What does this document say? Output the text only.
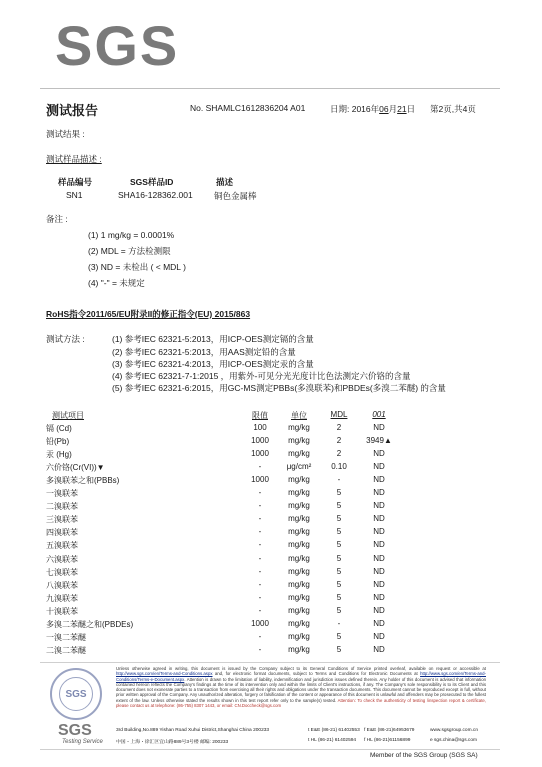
SGS
测试报告	No. SHAMLC1612836204 A01	日期: 2016年06月21日 第2页,共4页
测试结果 :
测试样品描述 :
样品编号	SGS样品ID	描述
SN1	SHA16-128362.001	铜色金属棒
备注 :
(1) 1 mg/kg = 0.0001%
(2) MDL = 方法检测限
(3) ND = 未检出 ( < MDL )
(4) "-" = 未规定
RoHS指令2011/65/EU附录II的修正指令(EU) 2015/863
测试方法 :	(1) 参考IEC 62321-5:2013，用ICP-OES测定镉的含量
(2) 参考IEC 62321-5:2013，用AAS测定铅的含量
(3) 参考IEC 62321-4:2013，用ICP-OES测定汞的含量
(4) 参考IEC 62321-7-1:2015 ，用紫外-可见分光光度计比色法测定六价铬的含量
(5) 参考IEC 62321-6:2015，用GC-MS测定PBBs(多溴联苯)和PBDEs(多溴二苯醚) 的含量
测试项目	限值	单位	MDL	001
镉 (Cd)	100	mg/kg	2	ND
铅(Pb)	1000	mg/kg	2	3949▲
汞 (Hg)	1000	mg/kg	2	ND
六价铬(Cr(VI))▼	-	μg/cm²	0.10	ND
多溴联苯之和(PBBs)	1000	mg/kg	-	ND
一溴联苯	-	mg/kg	5	ND
二溴联苯	-	mg/kg	5	ND
三溴联苯	-	mg/kg	5	ND
四溴联苯	-	mg/kg	5	ND
五溴联苯	-	mg/kg	5	ND
六溴联苯	-	mg/kg	5	ND
七溴联苯	-	mg/kg	5	ND
八溴联苯	-	mg/kg	5	ND
九溴联苯	-	mg/kg	5	ND
十溴联苯	-	mg/kg	5	ND
多溴二苯醚之和(PBDEs)	1000	mg/kg	-	ND
一溴二苯醚	-	mg/kg	5	ND
二溴二苯醚	-	mg/kg	5	ND
SGS
SGS
Testing Service
Unless otherwise agreed in writing, this document is issued by the Company subject to its General Conditions of Service printed overleaf, available on request or accessible at http://www.sgs.com/en/Terms-and-Conditions.aspx and, for electronic format documents, subject to Terms and Conditions for Electronic Documents at http://www.sgs.com/en/Terms-and-Conditions/Terms-e-Document.aspx. Attention is drawn to the limitation of liability, indemnification and jurisdiction issues defined therein. Any holder of this document is advised that information contained hereon reflects the Company's findings at the time of its intervention only and within the limits of Client's instructions, if any. The Company's sole responsibility is to its Client and this document does not exonerate parties to a transaction from exercising all their rights and obligations under the transaction documents. This document cannot be reproduced except in full, without prior written approval of the Company. Any unauthorized alteration, forgery or falsification of the content or appearance of this document is unlawful and offenders may be prosecuted to the fullest extent of the law. Unless otherwise stated the results shown in this test report refer only to the sample(s) tested. Attention: To check the authenticity of testing /inspection report & certificate, please contact us at telephone: (86-755) 8307 1443, or email: CN.Doccheck@sgs.com
3rd Building,No.889 Yishan Road Xuhui District,Shanghai China 200233	t E&E (86-21) 61402553 f E&E (86-21)64953679	www.sgsgroup.com.cn
中国・上海・徐汇区宜山路889号3号楼 邮编: 200233	t HL (86-21) 61402594 f HL (86-21)61156899	e sgs.china@sgs.com
Member of the SGS Group (SGS SA)
